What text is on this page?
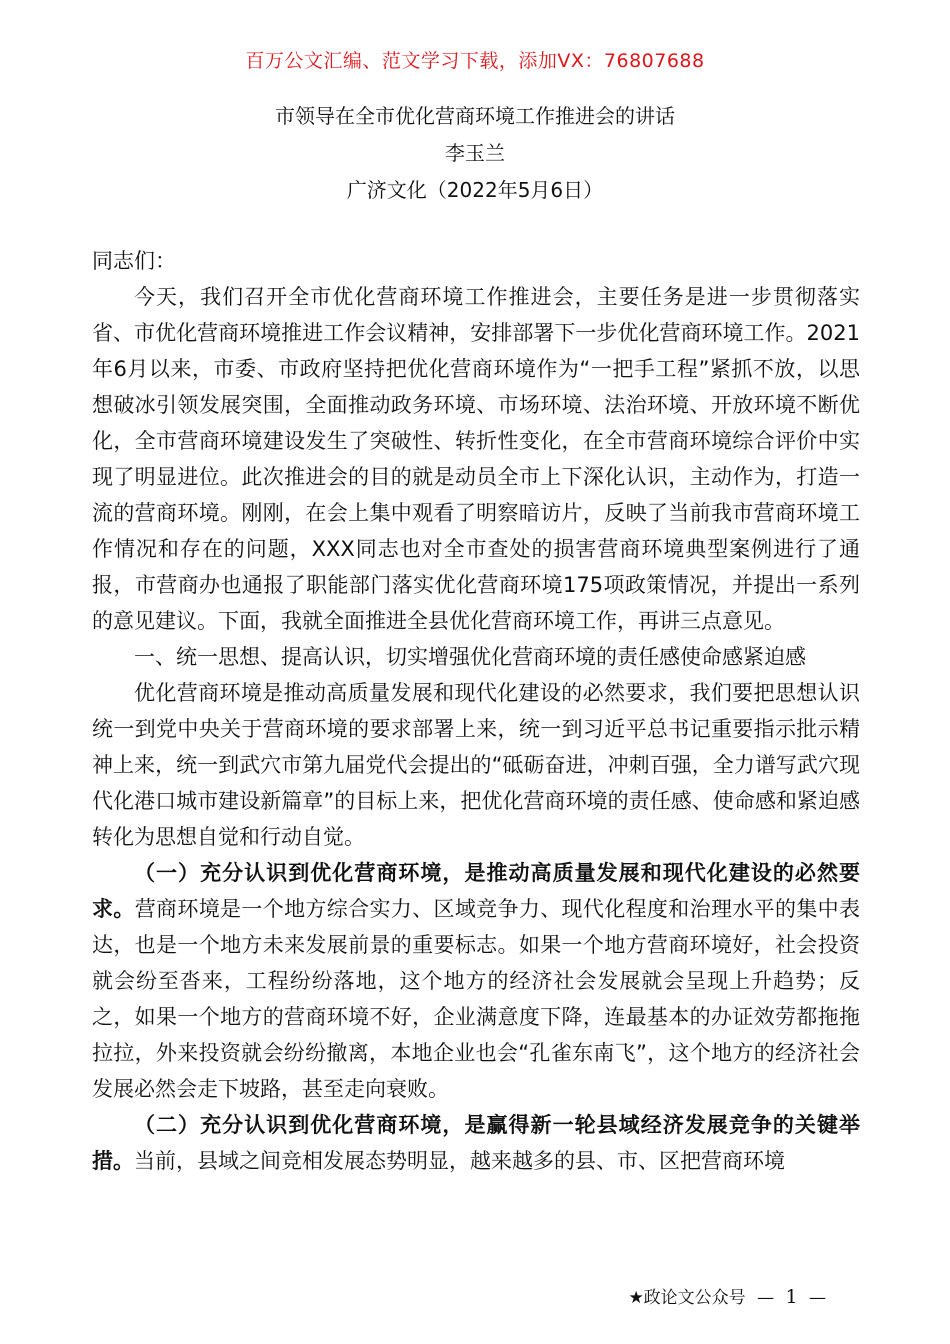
百万公文汇编、范文学习下载，添加VX：76807688
市领导在全市优化营商环境工作推进会的讲话
李玉兰
广济文化（2022年5月6日）

同志们：

今天，我们召开全市优化营商环境工作推进会，主要任务是进一步贯彻落实省、市优化营商环境推进工作会议精神，安排部署下一步优化营商环境工作。2021年6月以来，市委、市政府坚持把优化营商环境作为“一把手工程”紧抓不放，以思想破冰引领发展突围，全面推动政务环境、市场环境、法治环境、开放环境不断优化，全市营商环境建设发生了突破性、转折性变化，在全市营商环境综合评价中实现了明显进位。此次推进会的目的就是动员全市上下深化认识，主动作为，打造一流的营商环境。刚刚，在会上集中观看了明察暗访片，反映了当前我市营商环境工作情况和存在的问题，XXX同志也对全市查处的损害营商环境典型案例进行了通报，市营商办也通报了职能部门落实优化营商环境175项政策情况，并提出一系列的意见建议。下面，我就全面推进全县优化营商环境工作，再讲三点意见。

一、统一思想、提高认识，切实增强优化营商环境的责任感使命感紧迫感

优化营商环境是推动高质量发展和现代化建设的必然要求，我们要把思想认识统一到党中央关于营商环境的要求部署上来，统一到习近平总书记重要指示批示精神上来，统一到武穴市第九届党代会提出的“砥砺奋进，冲刺百强，全力谱写武穴现代化港口城市建设新篇章”的目标上来，把优化营商环境的责任感、使命感和紧迫感转化为思想自觉和行动自觉。

（一）充分认识到优化营商环境，是推动高质量发展和现代化建设的必然要求。营商环境是一个地方综合实力、区域竞争力、现代化程度和治理水平的集中表达，也是一个地方未来发展前景的重要标志。如果一个地方营商环境好，社会投资就会纷至沓来，工程纷纷落地，这个地方的经济社会发展就会呈现上升趋势；反之，如果一个地方的营商环境不好，企业满意度下降，连最基本的办证效劳都拖拖拉拉，外来投资就会纷纷撤离，本地企业也会“孔雀东南飞”，这个地方的经济社会发展必然会走下坡路，甚至走向衰败。

（二）充分认识到优化营商环境，是赢得新一轮县域经济发展竞争的关键举措。当前，县域之间竞相发展态势明显，越来越多的县、市、区把营商环境

★政论文公众号 — 1 —
